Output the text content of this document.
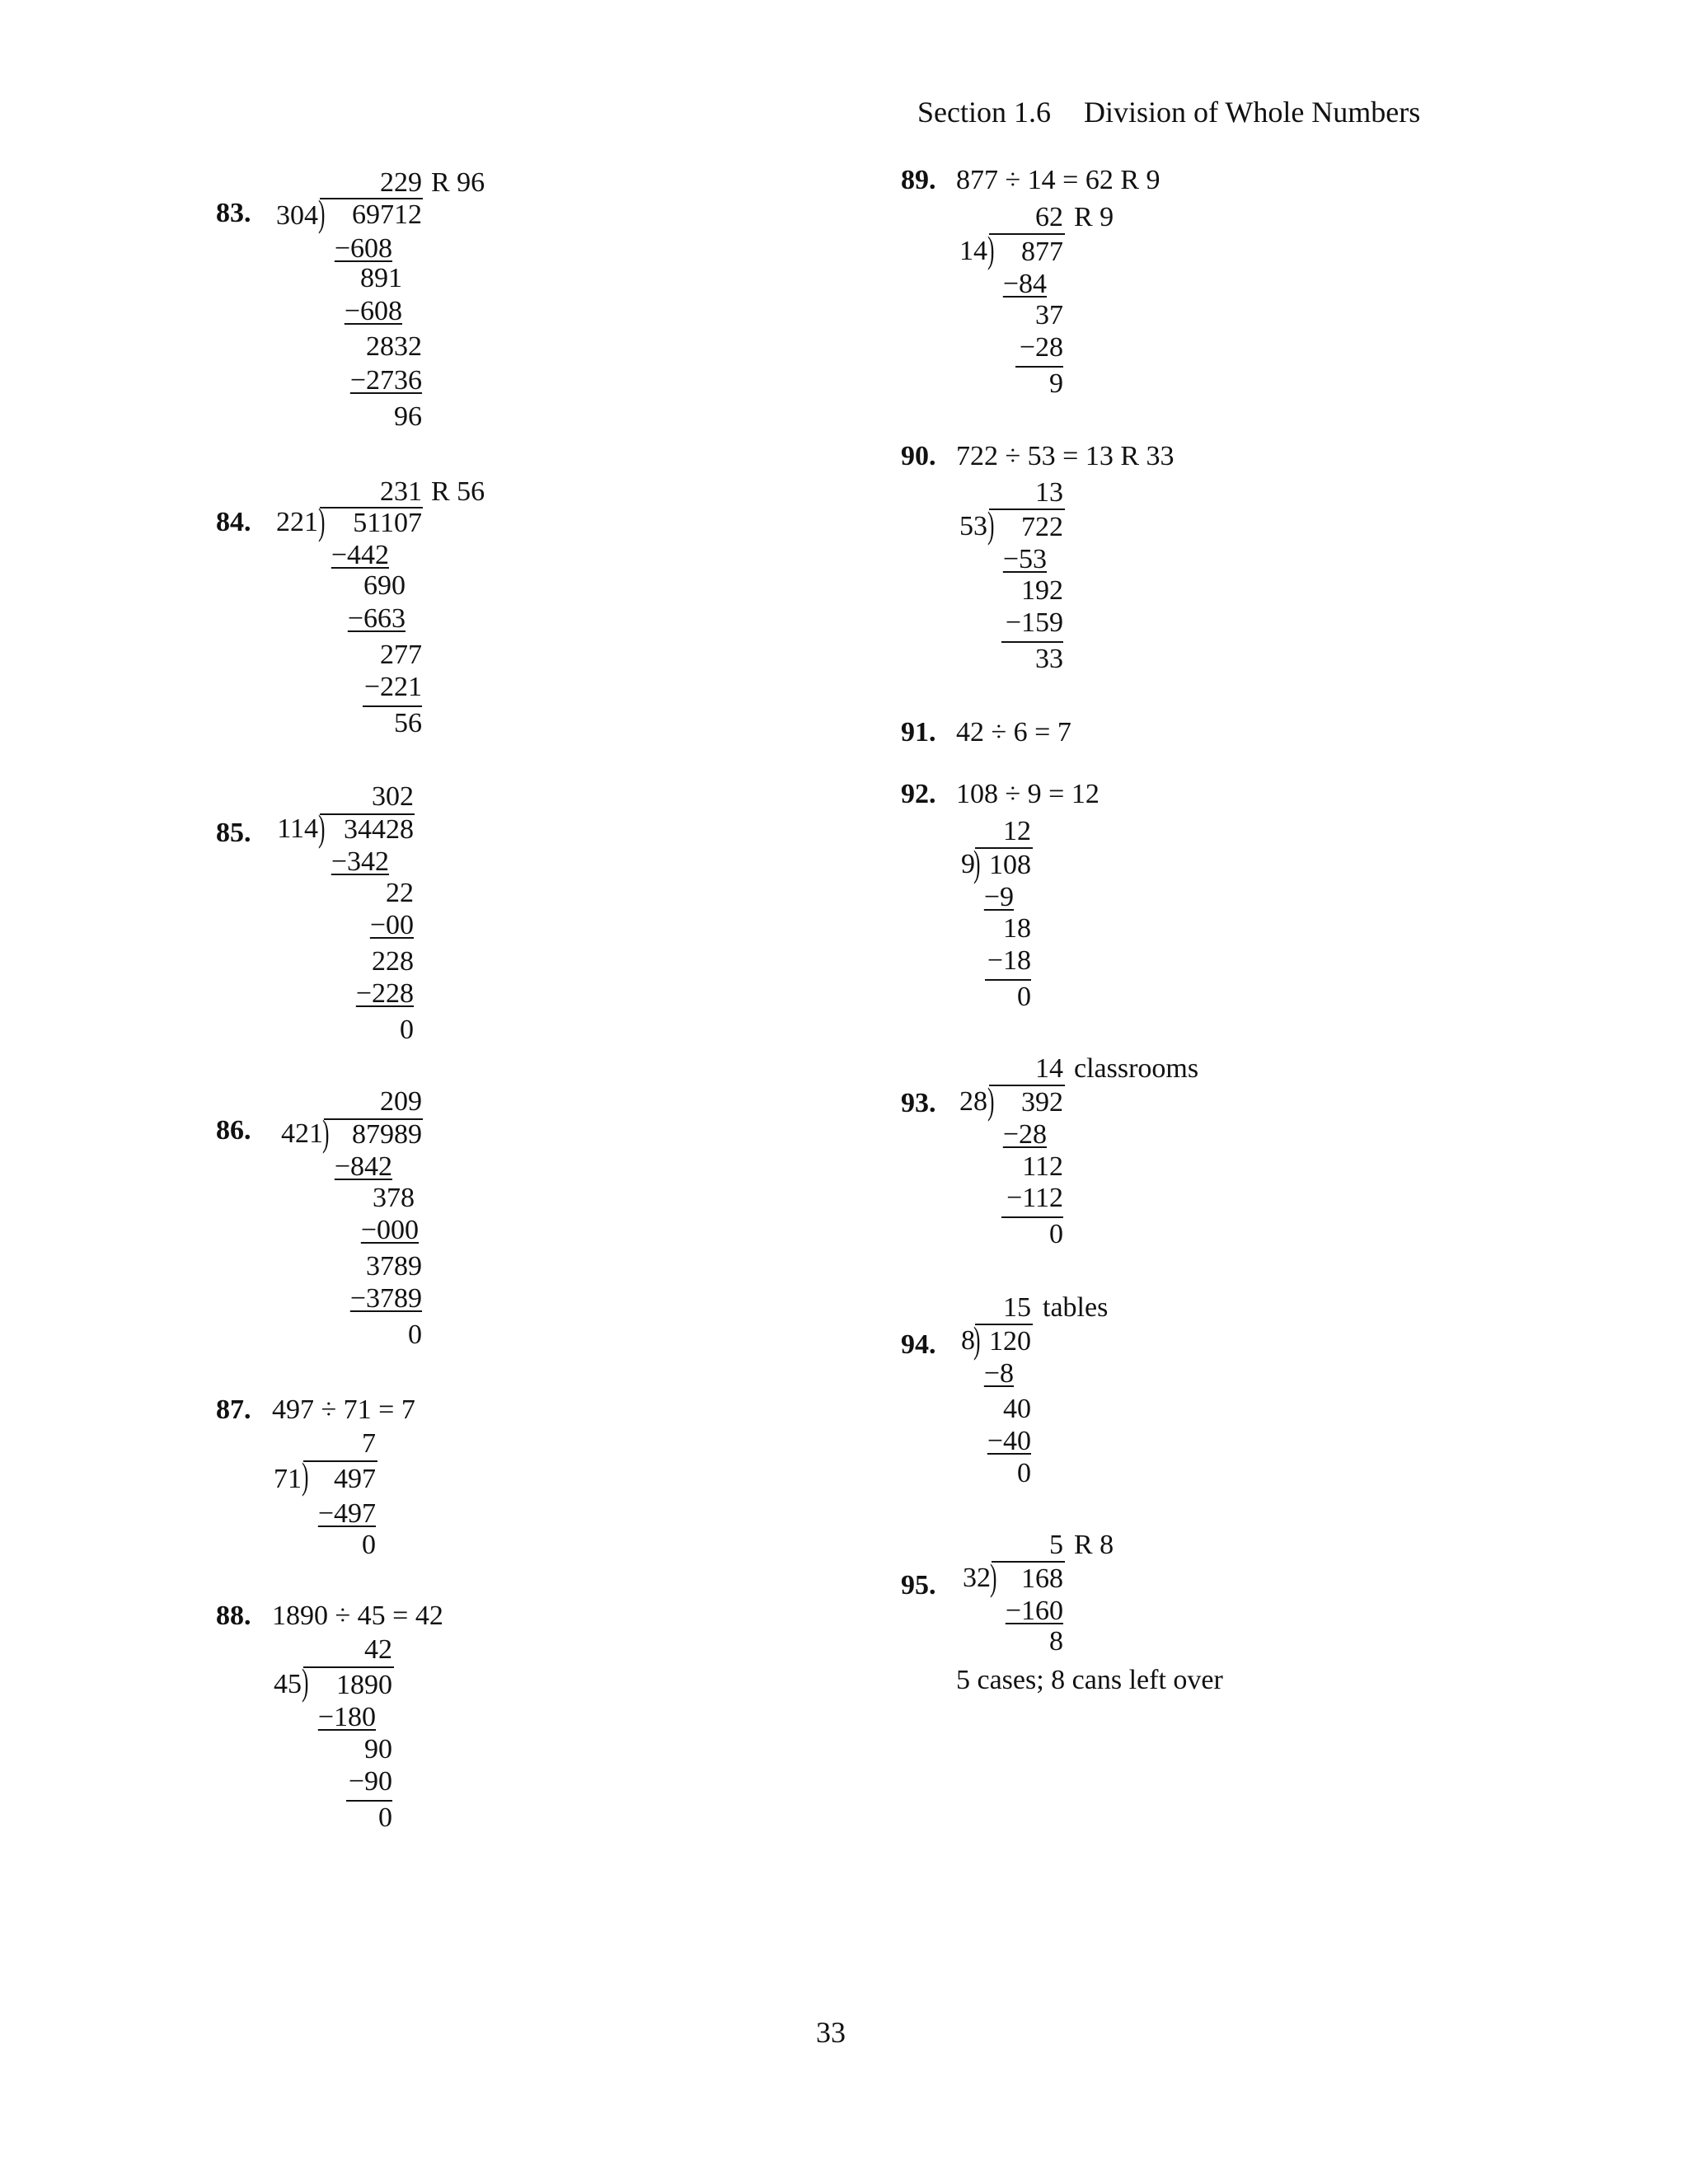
Section 1.6 Division of Whole Numbers
83.
229 R 96
304 ) 69712
−608
891
−608
2832
−2736
96
84.
231 R 56
221 ) 51107
−442
690
−663
277
−221
56
85.
302
114 ) 34428
−342
22
−00
228
−228
0
86.
209
421 ) 87989
−842
378
−000
3789
−3789
0
87. 497 ÷ 71 = 7
7
71 ) 497
−497
0
88. 1890 ÷ 45 = 42
42
45 ) 1890
−180
90
−90
0
89. 877 ÷ 14 = 62 R 9
62 R 9
14 ) 877
−84
37
−28
9
90. 722 ÷ 53 = 13 R 33
13
53 ) 722
−53
192
−159
33
91. 42 ÷ 6 = 7
92. 108 ÷ 9 = 12
12
9
) 108
−9
18
−18
0
93.
14 classrooms
28 ) 392
−28
112
−112
0
94.
15 tables
8
) 120
−8
40
−40
0
95.
5 R 8
32 ) 168
−160
8
5 cases; 8 cans left over
33
